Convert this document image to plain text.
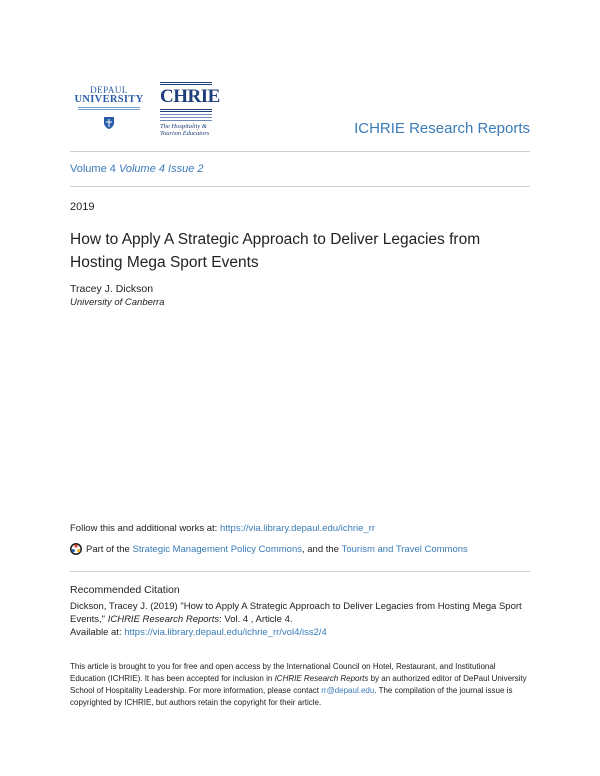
DEPAUL
UNIVERSITY CHRIE
The Hospitality &
Tourism Educators	ICHRIE Research Reports
Volume 4 Volume 4 Issue 2
2019
How to Apply A Strategic Approach to Deliver Legacies from Hosting Mega Sport Events
Tracey J. Dickson
University of Canberra
Follow this and additional works at: https://via.library.depaul.edu/ichrie_rr
Part of the
Strategic Management Policy Commons , and the
Tourism and Travel Commons
Recommended Citation
Dickson, Tracey J. (2019) "How to Apply A Strategic Approach to Deliver Legacies from Hosting Mega Sport Events," ICHRIE Research Reports: Vol. 4 , Article 4.
Available at: https://via.library.depaul.edu/ichrie_rr/vol4/iss2/4
This article is brought to you for free and open access by the International Council on Hotel, Restaurant, and Institutional Education (ICHRIE). It has been accepted for inclusion in ICHRIE Research Reports by an authorized editor of DePaul University School of Hospitality Leadership. For more information, please contact rr@depaul.edu. The compilation of the journal issue is copyrighted by ICHRIE, but authors retain the copyright for their article.
